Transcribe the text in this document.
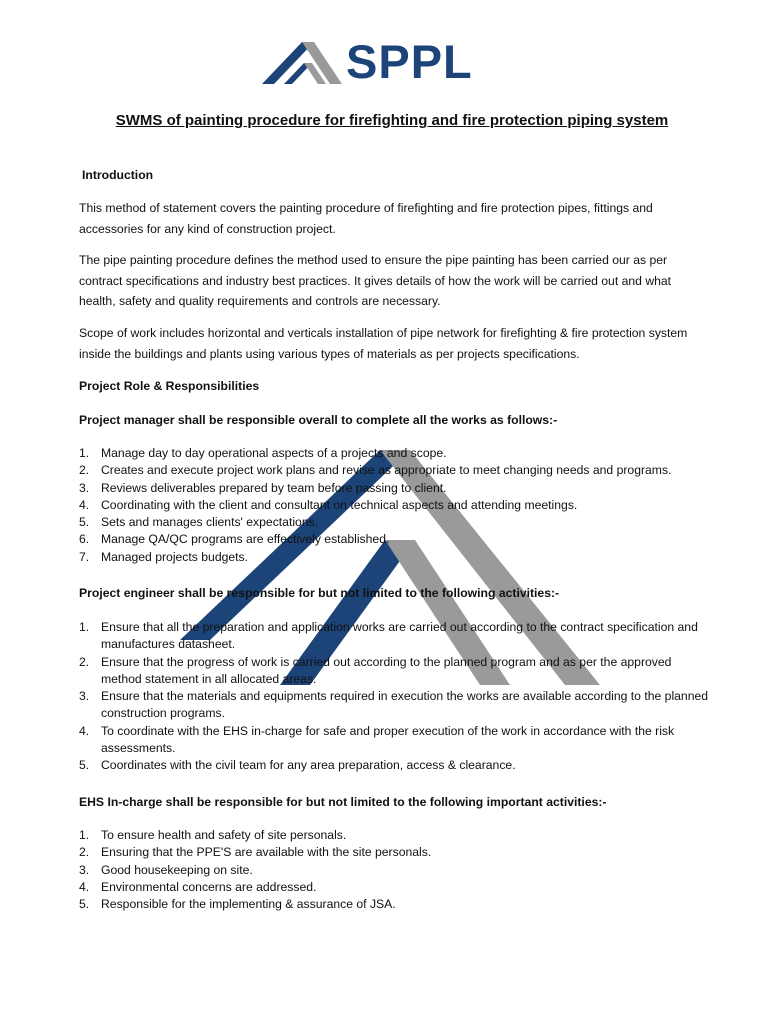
SPPL
SWMS of painting procedure for firefighting and fire protection piping system
Introduction

This method of statement covers the painting procedure of firefighting and fire protection pipes, fittings and accessories for any kind of construction project.

The pipe painting procedure defines the method used to ensure the pipe painting has been carried our as per contract specifications and industry best practices. It gives details of how the work will be carried out and what health, safety and quality requirements and controls are necessary.

Scope of work includes horizontal and verticals installation of pipe network for firefighting & fire protection system inside the buildings and plants using various types of materials as per projects specifications.

Project Role & Responsibilities
Project manager shall be responsible overall to complete all the works as follows:-
1. Manage day to day operational aspects of a projects and scope.
2. Creates and execute project work plans and revise as appropriate to meet changing needs and programs.
3. Reviews deliverables prepared by team before passing to client.
4. Coordinating with the client and consultant on technical aspects and attending meetings.
5. Sets and manages clients' expectations.
6. Manage QA/QC programs are effectively established.
7. Managed projects budgets.
Project engineer shall be responsible for but not limited to the following activities:-
1. Ensure that all the preparation and application works are carried out according to the contract specification and manufactures datasheet.
2. Ensure that the progress of work is carried out according to the planned program and as per the approved method statement in all allocated areas.
3. Ensure that the materials and equipments required in execution the works are available according to the planned construction programs.
4. To coordinate with the EHS in-charge for safe and proper execution of the work in accordance with the risk assessments.
5. Coordinates with the civil team for any area preparation, access & clearance.
EHS In-charge shall be responsible for but not limited to the following important activities:-
1. To ensure health and safety of site personals.
2. Ensuring that the PPE'S are available with the site personals.
3. Good housekeeping on site.
4. Environmental concerns are addressed.
5. Responsible for the implementing & assurance of JSA.
